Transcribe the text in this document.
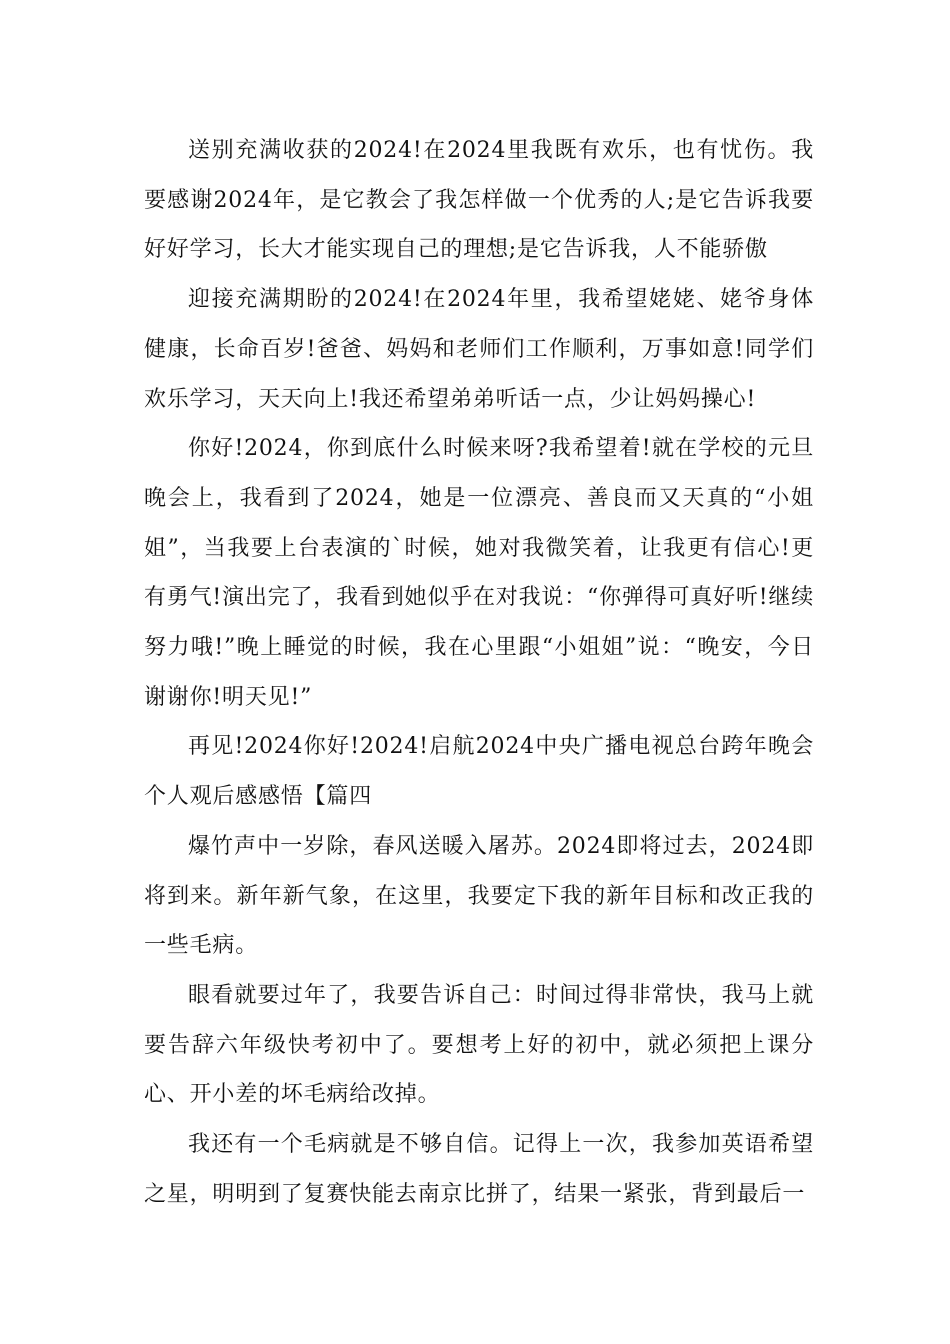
送别充满收获的2024!在2024里我既有欢乐，也有忧伤。我要感谢2024年，是它教会了我怎样做一个优秀的人;是它告诉我要好好学习，长大才能实现自己的理想;是它告诉我，人不能骄傲

迎接充满期盼的2024!在2024年里，我希望姥姥、姥爷身体健康，长命百岁!爸爸、妈妈和老师们工作顺利，万事如意!同学们欢乐学习，天天向上!我还希望弟弟听话一点，少让妈妈操心!

你好!2024，你到底什么时候来呀?我希望着!就在学校的元旦晚会上，我看到了2024，她是一位漂亮、善良而又天真的“小姐姐”，当我要上台表演的`时候，她对我微笑着，让我更有信心!更有勇气!演出完了，我看到她似乎在对我说：“你弹得可真好听!继续努力哦!”晚上睡觉的时候，我在心里跟“小姐姐”说：“晚安，今日谢谢你!明天见!”

再见!2024你好!2024!启航2024中央广播电视总台跨年晚会个人观后感感悟【篇四

爆竹声中一岁除，春风送暖入屠苏。2024即将过去，2024即将到来。新年新气象，在这里，我要定下我的新年目标和改正我的一些毛病。

眼看就要过年了，我要告诉自己：时间过得非常快，我马上就要告辞六年级快考初中了。要想考上好的初中，就必须把上课分心、开小差的坏毛病给改掉。

我还有一个毛病就是不够自信。记得上一次，我参加英语希望之星，明明到了复赛快能去南京比拼了，结果一紧张，背到最后一
